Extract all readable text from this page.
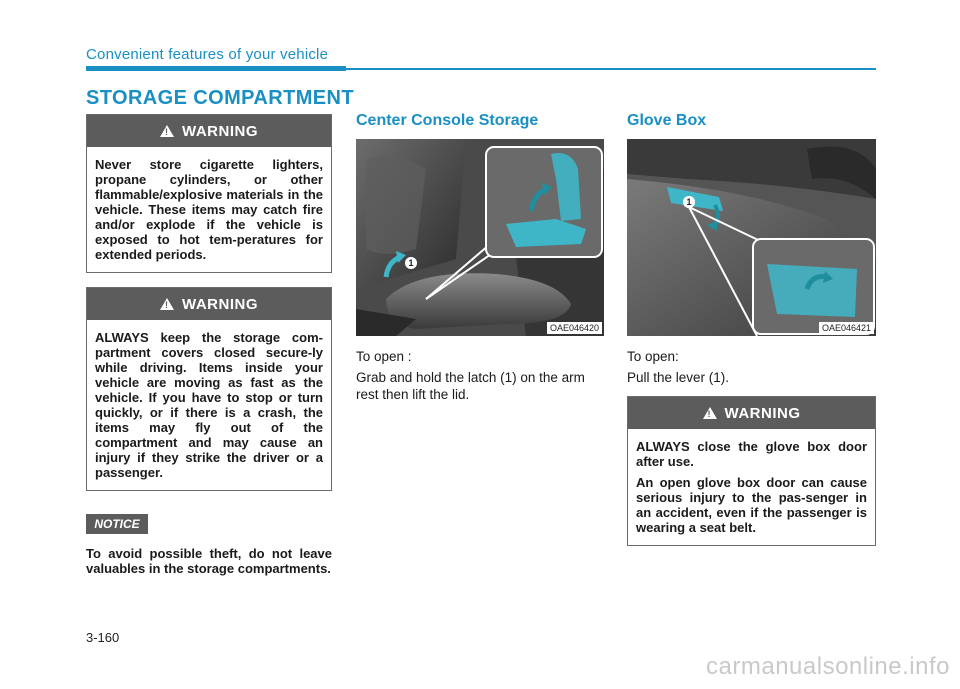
Convenient features of your vehicle
STORAGE COMPARTMENT
! WARNING

Never store cigarette lighters, propane cylinders, or other flammable/explosive materials in the vehicle. These items may catch fire and/or explode if the vehicle is exposed to hot tem-peratures for extended periods.

! WARNING

ALWAYS keep the storage com-partment covers closed secure-ly while driving. Items inside your vehicle are moving as fast as the vehicle. If you have to stop or turn quickly, or if there is a crash, the items may fly out of the compartment and may cause an injury if they strike the driver or a passenger.

NOTICE
To avoid possible theft, do not leave valuables in the storage compartments.
Center Console Storage
OAE046420
1

To open :

Grab and hold the latch (1) on the arm rest then lift the lid.

Glove Box
OAE046421
1

To open:

Pull the lever (1).

! WARNING

ALWAYS close the glove box door after use.

An open glove box door can cause serious injury to the pas-senger in an accident, even if the passenger is wearing a seat belt.

3-160
carmanualsonline.info
